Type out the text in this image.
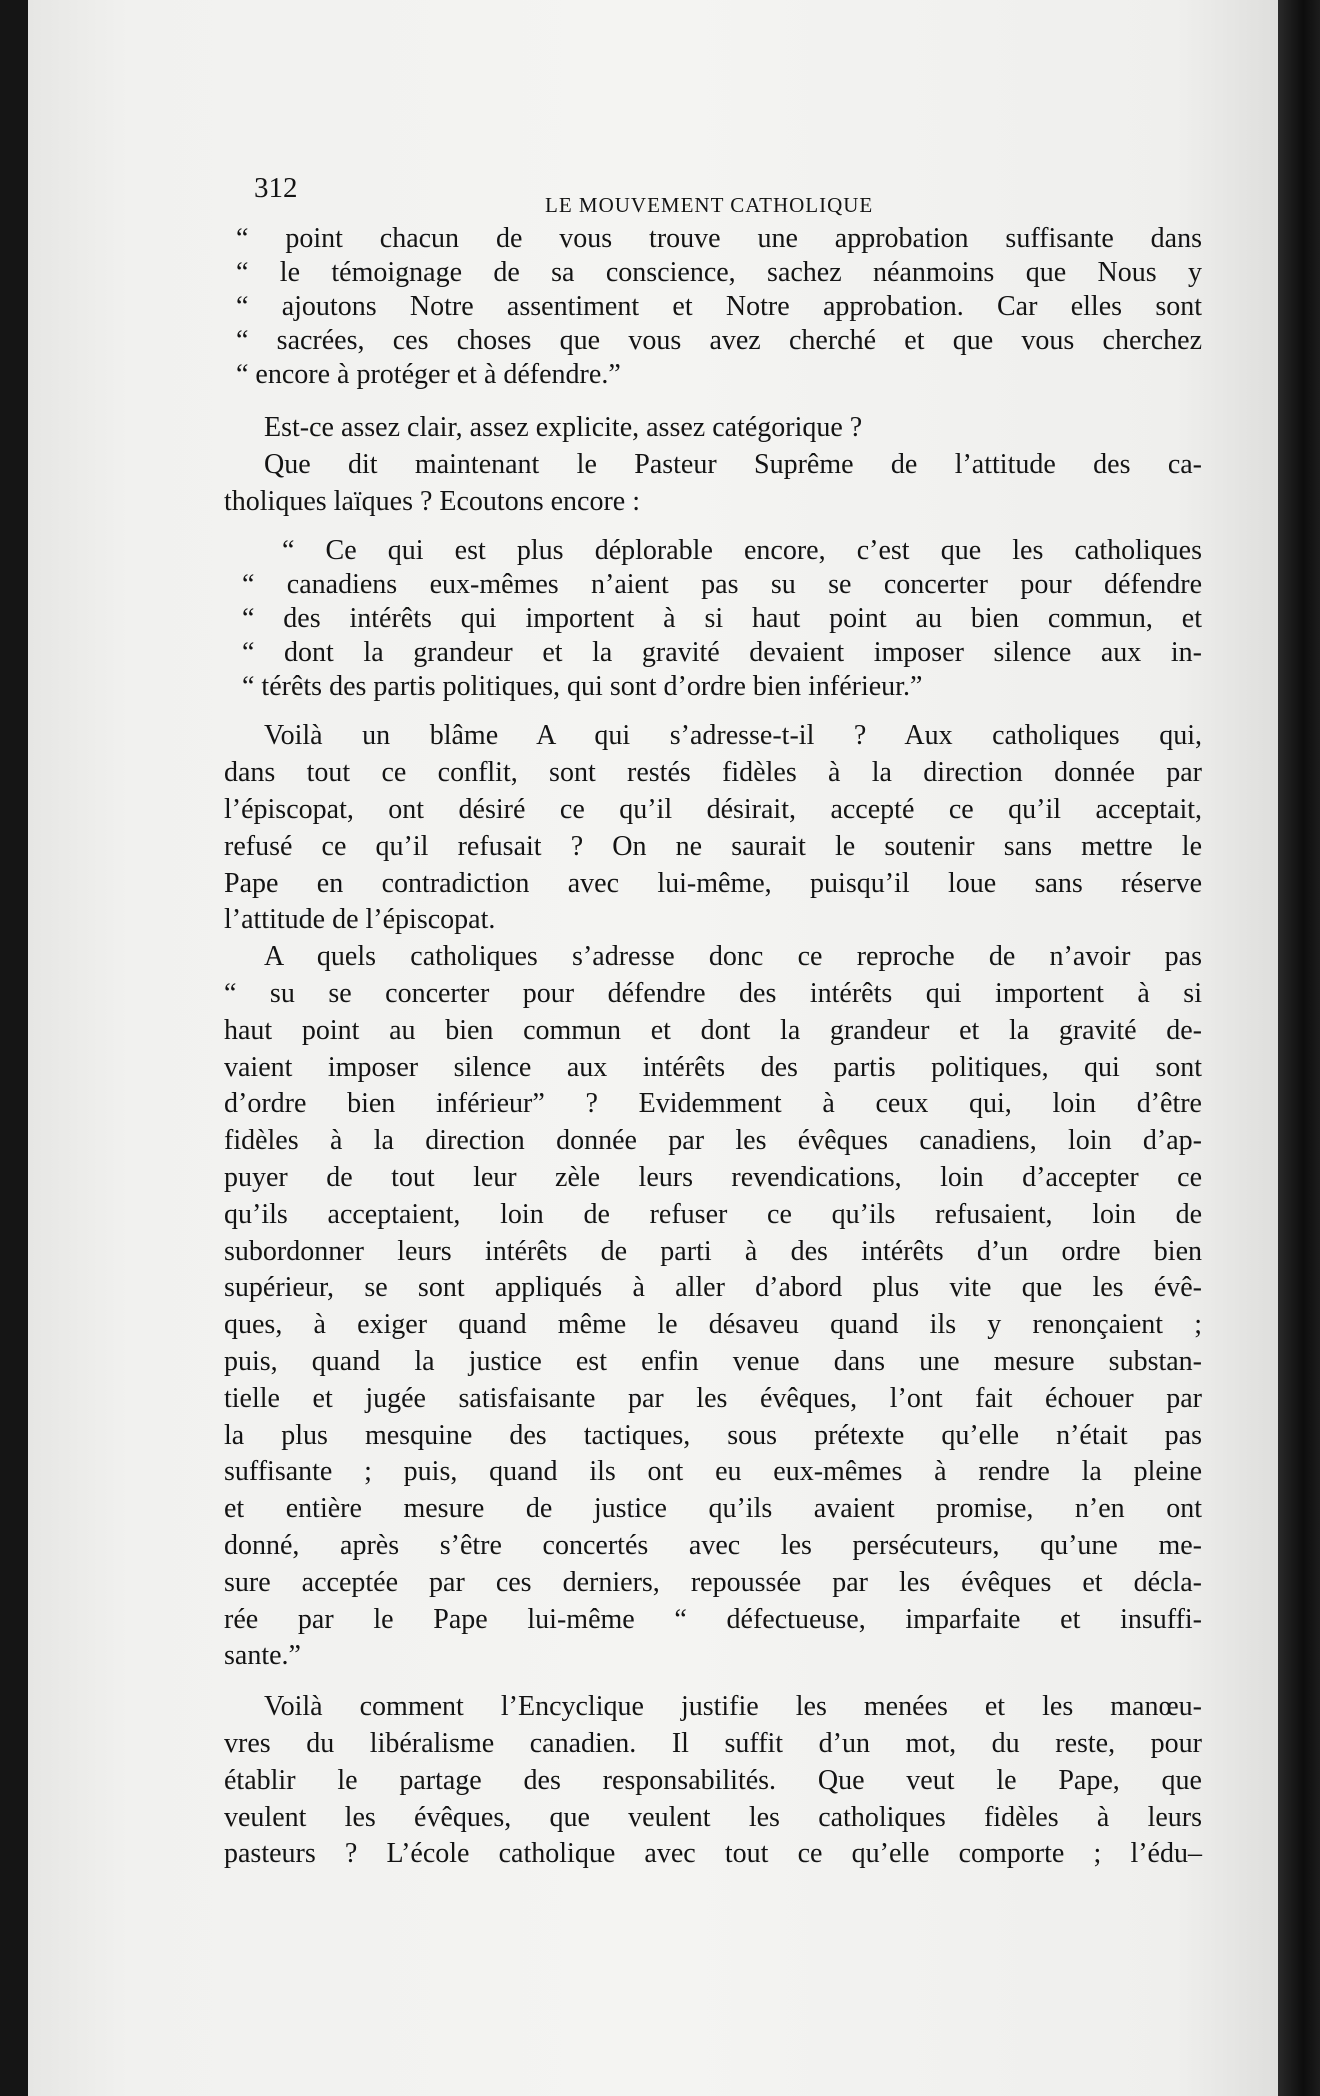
312
LE MOUVEMENT CATHOLIQUE
“ point chacun de vous trouve une approbation suffisante dans
“ le témoignage de sa conscience, sachez néanmoins que Nous y
“ ajoutons Notre assentiment et Notre approbation. Car elles sont
“ sacrées, ces choses que vous avez cherché et que vous cherchez
“ encore à protéger et à défendre.”
Est-ce assez clair, assez explicite, assez catégorique ?
Que dit maintenant le Pasteur Suprême de l’attitude des ca-
tholiques laïques ? Ecoutons encore :
“ Ce qui est plus déplorable encore, c’est que les catholiques
“ canadiens eux-mêmes n’aient pas su se concerter pour défendre
“ des intérêts qui importent à si haut point au bien commun, et
“ dont la grandeur et la gravité devaient imposer silence aux in-
“ térêts des partis politiques, qui sont d’ordre bien inférieur.”
Voilà un blâme A qui s’adresse-t-il ? Aux catholiques qui,
dans tout ce conflit, sont restés fidèles à la direction donnée par
l’épiscopat, ont désiré ce qu’il désirait, accepté ce qu’il acceptait,
refusé ce qu’il refusait ? On ne saurait le soutenir sans mettre le
Pape en contradiction avec lui-même, puisqu’il loue sans réserve
l’attitude de l’épiscopat.
A quels catholiques s’adresse donc ce reproche de n’avoir pas
“ su se concerter pour défendre des intérêts qui importent à si
haut point au bien commun et dont la grandeur et la gravité de-
vaient imposer silence aux intérêts des partis politiques, qui sont
d’ordre bien inférieur” ? Evidemment à ceux qui, loin d’être
fidèles à la direction donnée par les évêques canadiens, loin d’ap-
puyer de tout leur zèle leurs revendications, loin d’accepter ce
qu’ils acceptaient, loin de refuser ce qu’ils refusaient, loin de
subordonner leurs intérêts de parti à des intérêts d’un ordre bien
supérieur, se sont appliqués à aller d’abord plus vite que les évê-
ques, à exiger quand même le désaveu quand ils y renonçaient ;
puis, quand la justice est enfin venue dans une mesure substan-
tielle et jugée satisfaisante par les évêques, l’ont fait échouer par
la plus mesquine des tactiques, sous prétexte qu’elle n’était pas
suffisante ; puis, quand ils ont eu eux-mêmes à rendre la pleine
et entière mesure de justice qu’ils avaient promise, n’en ont
donné, après s’être concertés avec les persécuteurs, qu’une me-
sure acceptée par ces derniers, repoussée par les évêques et décla-
rée par le Pape lui-même “ défectueuse, imparfaite et insuffi-
sante.”
Voilà comment l’Encyclique justifie les menées et les manœu-
vres du libéralisme canadien. Il suffit d’un mot, du reste, pour
établir le partage des responsabilités. Que veut le Pape, que
veulent les évêques, que veulent les catholiques fidèles à leurs
pasteurs ? L’école catholique avec tout ce qu’elle comporte ; l’édu–
